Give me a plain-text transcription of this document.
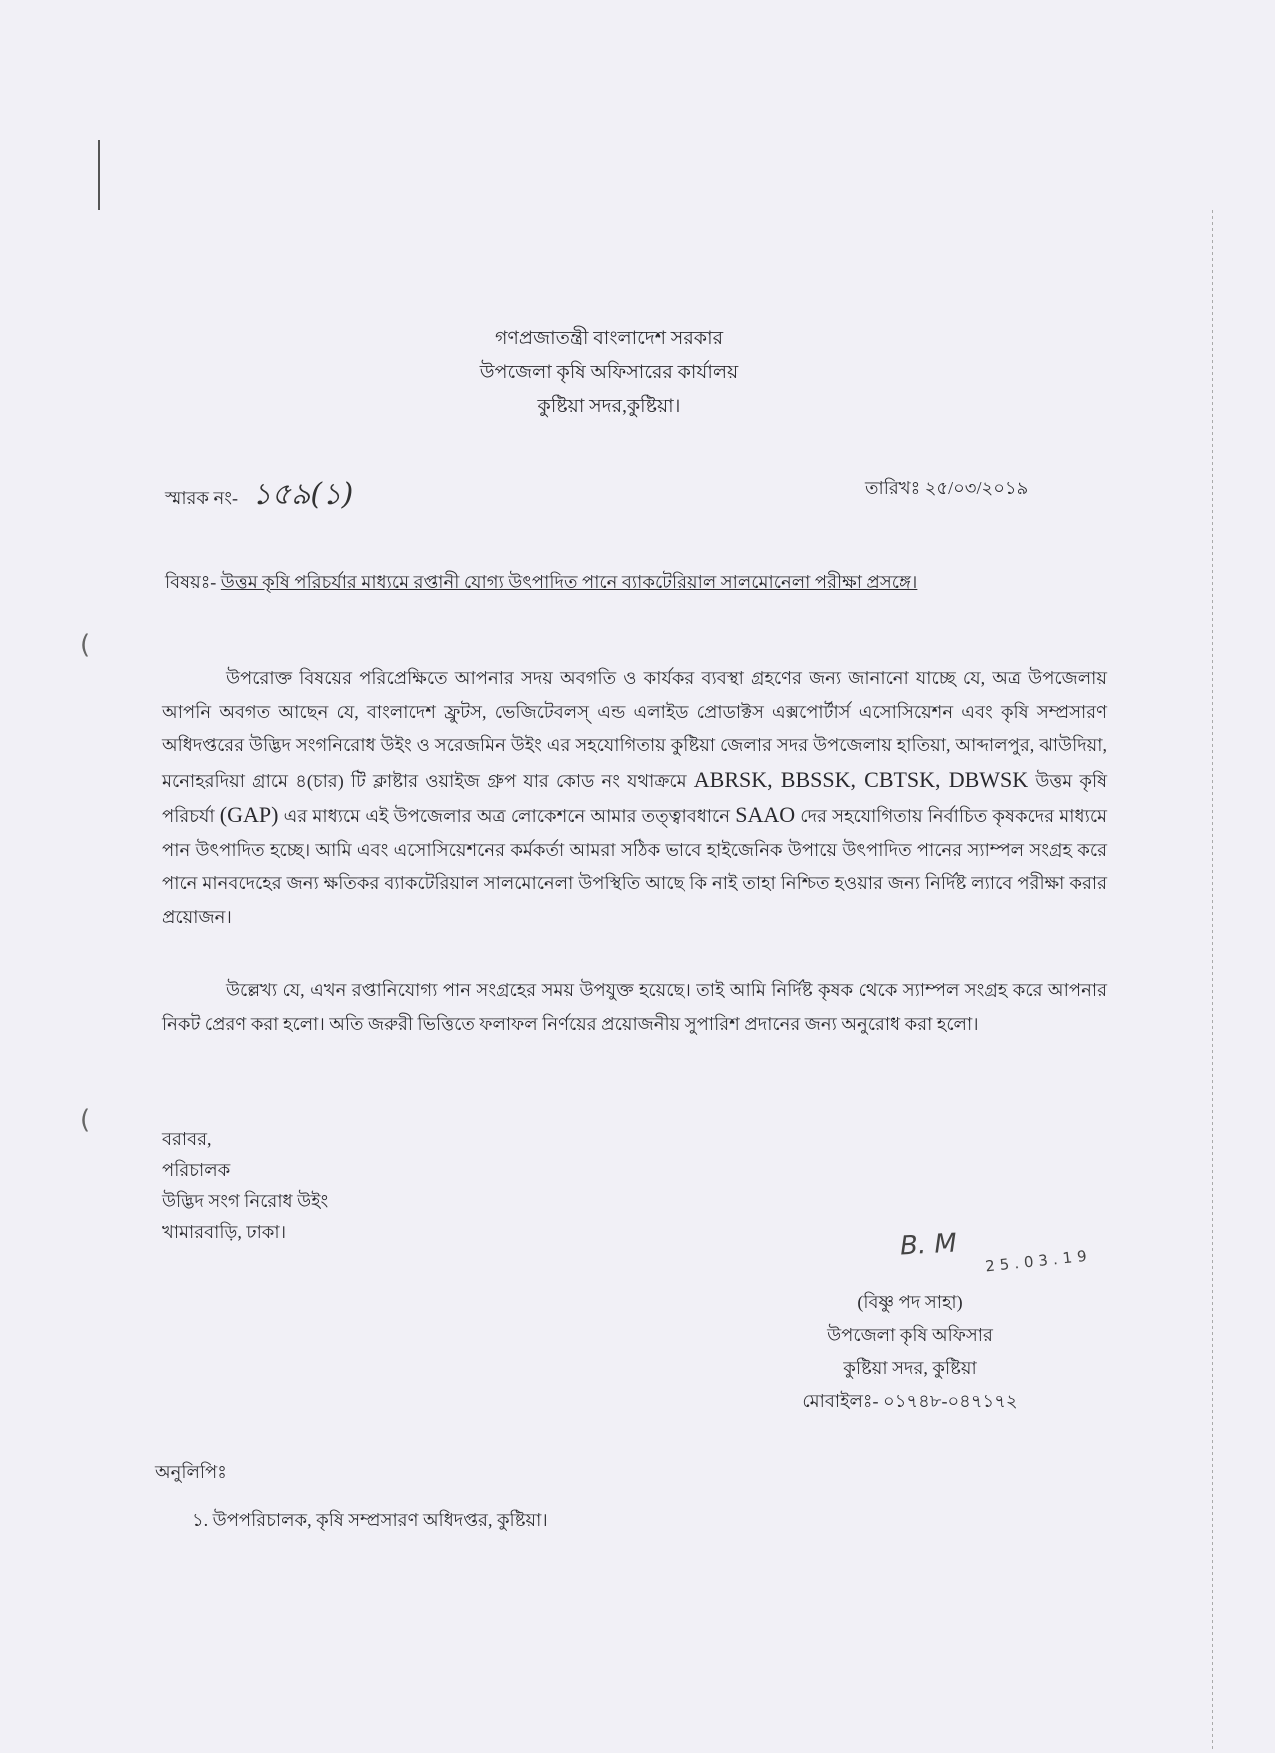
(
(
গণপ্রজাতন্ত্রী বাংলাদেশ সরকার
উপজেলা কৃষি অফিসারের কার্যালয়
কুষ্টিয়া সদর,কুষ্টিয়া।
স্মারক নং- ১৫৯(১)	তারিখঃ ২৫/০৩/২০১৯
বিষয়ঃ- উত্তম কৃষি পরিচর্যার মাধ্যমে রপ্তানী যোগ্য উৎপাদিত পানে ব্যাকটেরিয়াল সালমোনেলা পরীক্ষা প্রসঙ্গে।
উপরোক্ত বিষয়ের পরিপ্রেক্ষিতে আপনার সদয় অবগতি ও কার্যকর ব্যবস্থা গ্রহণের জন্য জানানো যাচ্ছে যে, অত্র উপজেলায় আপনি অবগত আছেন যে, বাংলাদেশ ফ্রুটস, ভেজিটেবলস্ এন্ড এলাইড প্রোডাক্টস এক্সপোর্টার্স এসোসিয়েশন এবং কৃষি সম্প্রসারণ অধিদপ্তরের উদ্ভিদ সংগনিরোধ উইং ও সরেজমিন উইং এর সহযোগিতায় কুষ্টিয়া জেলার সদর উপজেলায় হাতিয়া, আব্দালপুর, ঝাউদিয়া, মনোহরদিয়া গ্রামে ৪(চার) টি ক্লাষ্টার ওয়াইজ গ্রুপ যার কোড নং যথাক্রমে ABRSK, BBSSK, CBTSK, DBWSK উত্তম কৃষি পরিচর্যা (GAP) এর মাধ্যমে এই উপজেলার অত্র লোকেশনে আমার তত্ত্বাবধানে SAAO দের সহযোগিতায় নির্বাচিত কৃষকদের মাধ্যমে পান উৎপাদিত হচ্ছে। আমি এবং এসোসিয়েশনের কর্মকর্তা আমরা সঠিক ভাবে হাইজেনিক উপায়ে উৎপাদিত পানের স্যাম্পল সংগ্রহ করে পানে মানবদেহের জন্য ক্ষতিকর ব্যাকটেরিয়াল সালমোনেলা উপস্থিতি আছে কি নাই তাহা নিশ্চিত হওয়ার জন্য নির্দিষ্ট ল্যাবে পরীক্ষা করার প্রয়োজন।
উল্লেখ্য যে, এখন রপ্তানিযোগ্য পান সংগ্রহের সময় উপযুক্ত হয়েছে। তাই আমি নির্দিষ্ট কৃষক থেকে স্যাম্পল সংগ্রহ করে আপনার নিকট প্রেরণ করা হলো। অতি জরুরী ভিত্তিতে ফলাফল নির্ণয়ের প্রয়োজনীয় সুপারিশ প্রদানের জন্য অনুরোধ করা হলো।
বরাবর,
পরিচালক
উদ্ভিদ সংগ নিরোধ উইং
খামারবাড়ি, ঢাকা।	B. M 25.03.19
(বিষ্ণু পদ সাহা)
উপজেলা কৃষি অফিসার
কুষ্টিয়া সদর, কুষ্টিয়া
মোবাইলঃ- ০১৭৪৮-০৪৭১৭২
অনুলিপিঃ
১. উপপরিচালক, কৃষি সম্প্রসারণ অধিদপ্তর, কুষ্টিয়া।
